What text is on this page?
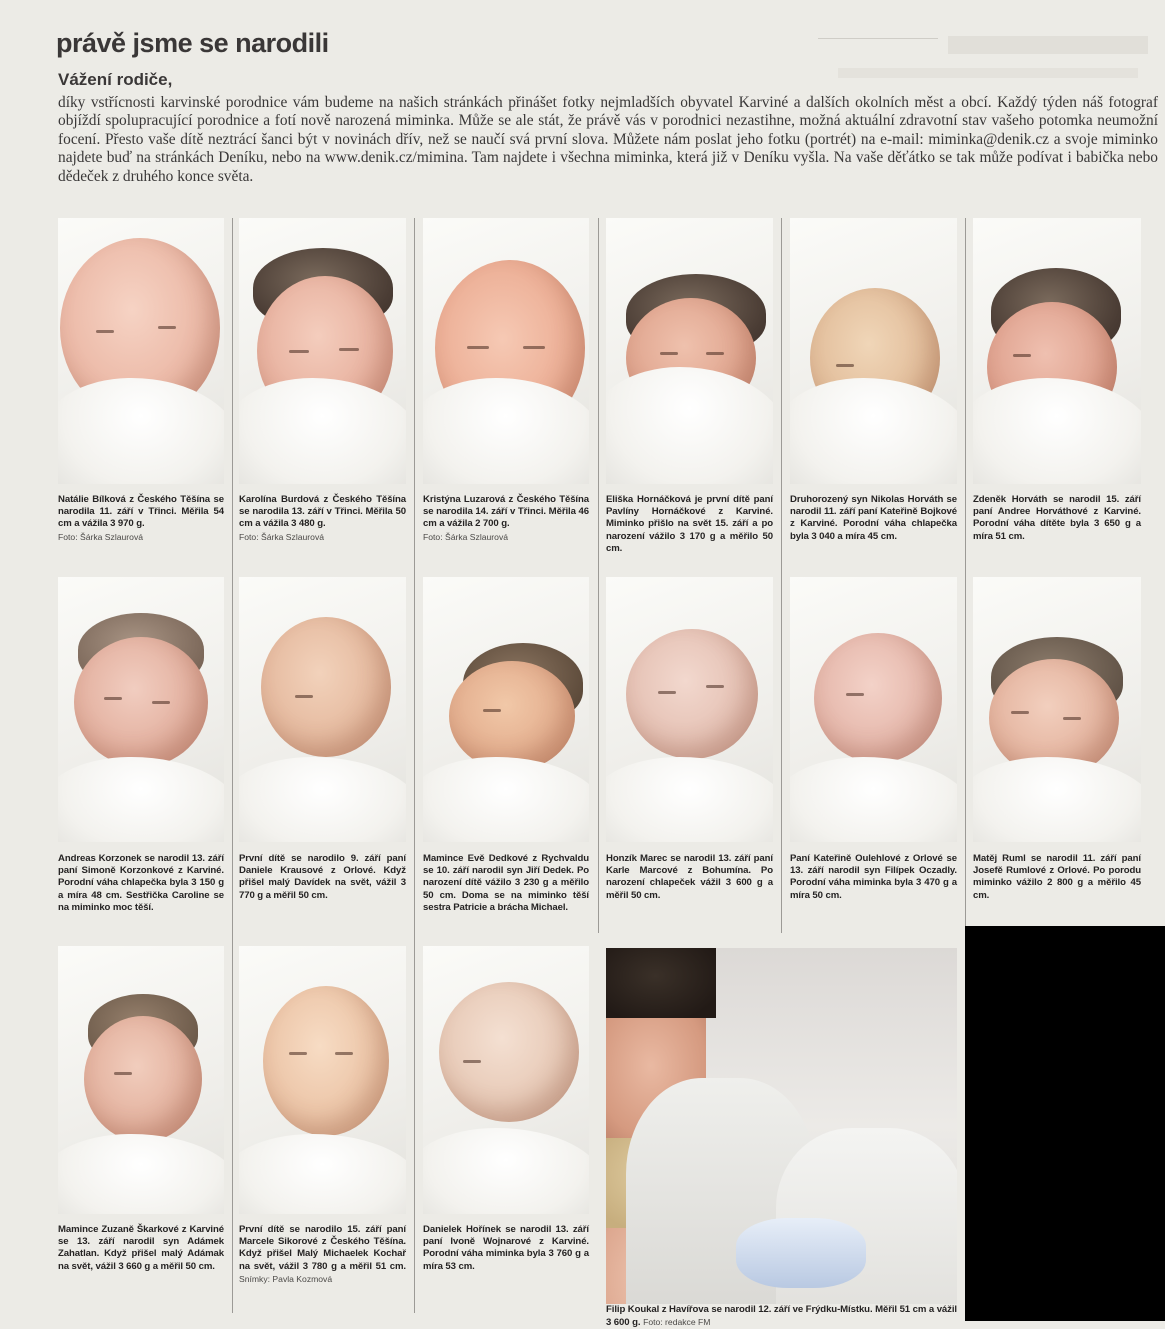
právě jsme se narodili
Vážení rodiče,
díky vstřícnosti karvinské porodnice vám budeme na našich stránkách přinášet fotky nejmladších obyvatel Karviné a dalších okolních měst a obcí. Každý týden náš fotograf objíždí spolupracující porodnice a fotí nově narozená miminka. Může se ale stát, že právě vás v porodnici nezastihne, možná aktuální zdravotní stav vašeho potomka neumožní focení. Přesto vaše dítě neztrácí šanci být v novinách dřív, než se naučí svá první slova. Můžete nám poslat jeho fotku (portrét) na e-mail: miminka@denik.cz a svoje miminko najdete buď na stránkách Deníku, nebo na www.denik.cz/mimina. Tam najdete i všechna miminka, která již v Deníku vyšla. Na vaše děťátko se tak může podívat i babička nebo dědeček z druhého konce světa.
Natálie Bílková z Českého Těšína se narodila 11. září v Třinci. Měřila 54 cm a vážila 3 970 g.
Foto: Šárka Szlaurová
Karolína Burdová z Českého Těšína se narodila 13. září v Třinci. Měřila 50 cm a vážila 3 480 g.
Foto: Šárka Szlaurová
Kristýna Luzarová z Českého Těšína se narodila 14. září v Třinci. Měřila 46 cm a vážila 2 700 g.
Foto: Šárka Szlaurová
Eliška Hornáčková je první dítě paní Pavlíny Hornáčkové z Karviné. Miminko přišlo na svět 15. září a po narození vážilo 3 170 g a měřilo 50 cm.
Druhorozený syn Nikolas Horváth se narodil 11. září paní Kateřině Bojkové z Karviné. Porodní váha chlapečka byla 3 040 a míra 45 cm.
Zdeněk Horváth se narodil 15. září paní Andree Horváthové z Karviné. Porodní váha dítěte byla 3 650 g a míra 51 cm.
Andreas Korzonek se narodil 13. září paní Simoně Korzonkové z Karviné. Porodní váha chlapečka byla 3 150 g a míra 48 cm. Sestřička Caroline se na miminko moc těší.
První dítě se narodilo 9. září paní Daniele Krausové z Orlové. Když přišel malý Davídek na svět, vážil 3 770 g a měřil 50 cm.
Mamince Evě Dedkové z Rychvaldu se 10. září narodil syn Jiří Dedek. Po narození dítě vážilo 3 230 g a měřilo 50 cm. Doma se na miminko těší sestra Patricie a brácha Michael.
Honzík Marec se narodil 13. září paní Karle Marcové z Bohumína. Po narození chlapeček vážil 3 600 g a měřil 50 cm.
Paní Kateřině Oulehlové z Orlové se 13. září narodil syn Filípek Oczadly. Porodní váha miminka byla 3 470 g a míra 50 cm.
Matěj Ruml se narodil 11. září paní Josefě Rumlové z Orlové. Po porodu miminko vážilo 2 800 g a měřilo 45 cm.
Mamince Zuzaně Škarkové z Karviné se 13. září narodil syn Adámek Zahatlan. Když přišel malý Adámak na svět, vážil 3 660 g a měřil 50 cm.
První dítě se narodilo 15. září paní Marcele Sikorové z Českého Těšína. Když přišel Malý Michaelek Kochař na svět, vážil 3 780 g a měřil 51 cm. Snímky: Pavla Kozmová
Danielek Hořínek se narodil 13. září paní Ivoně Wojnarové z Karviné. Porodní váha miminka byla 3 760 g a míra 53 cm.
Filip Koukal z Havířova se narodil 12. září ve Frýdku-Místku. Měřil 51 cm a vážil 3 600 g. Foto: redakce FM
